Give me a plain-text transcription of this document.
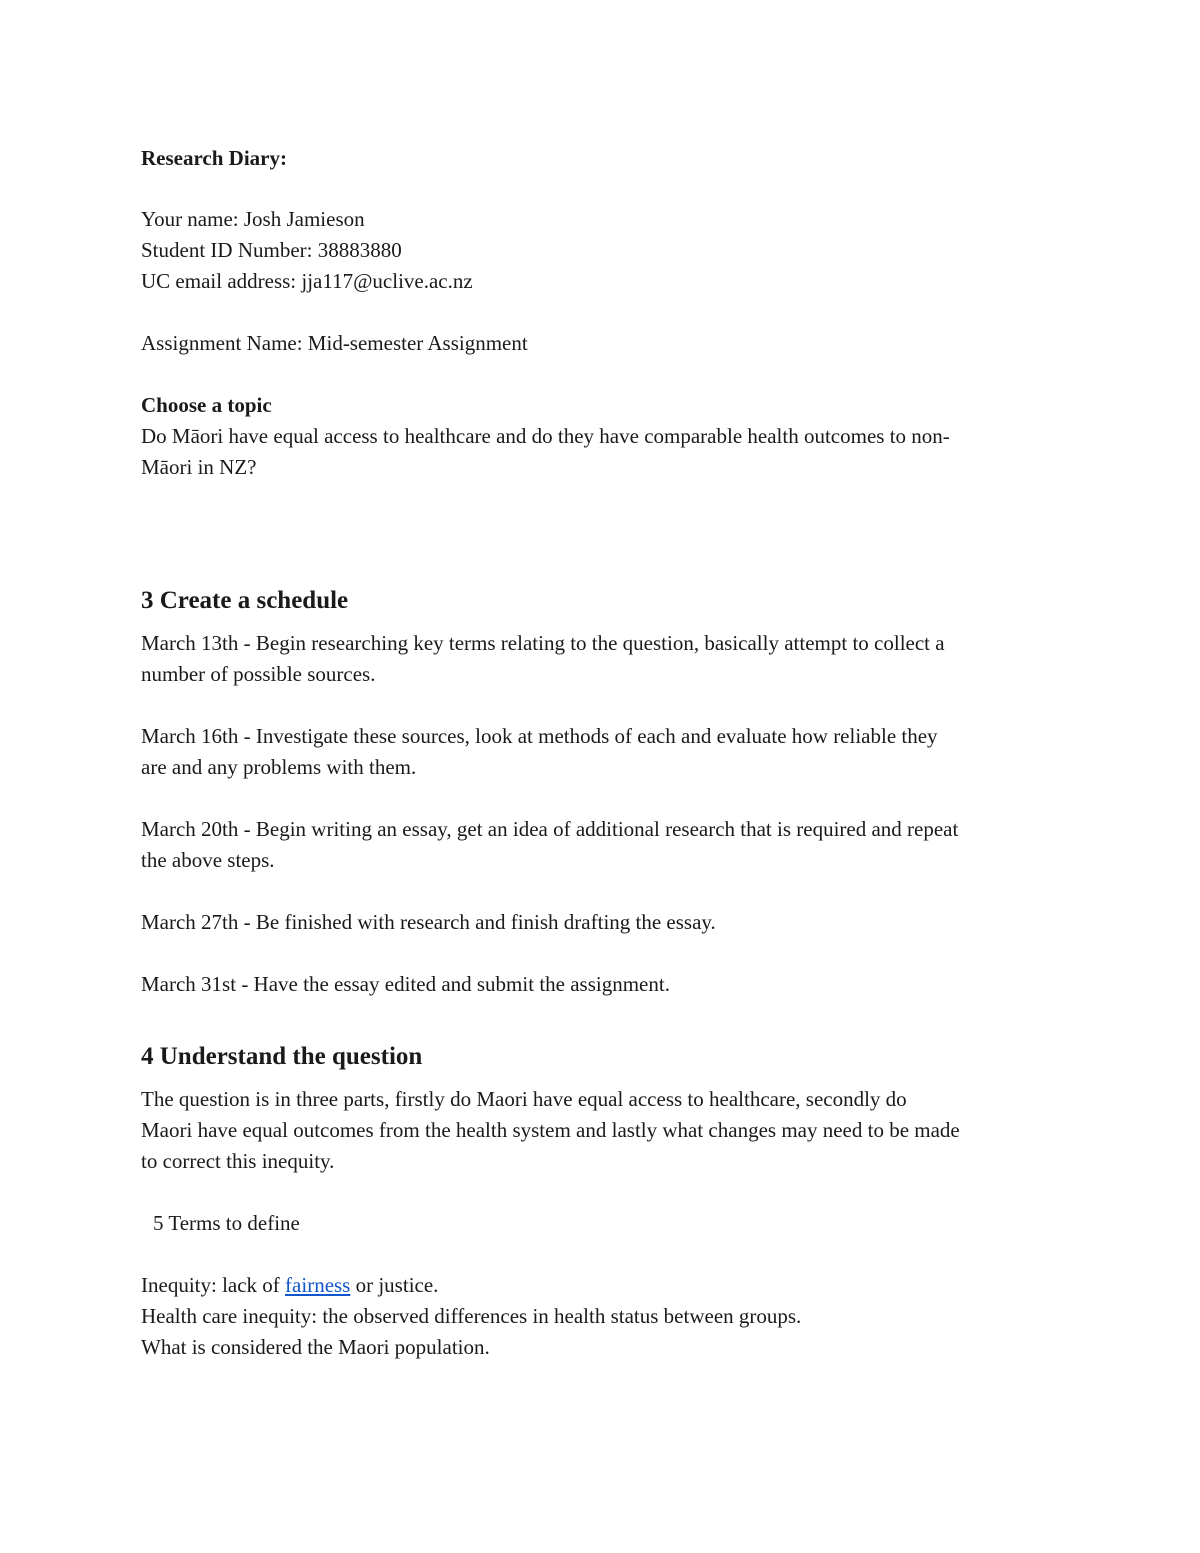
Research Diary:
Your name: Josh Jamieson
Student ID Number: 38883880
UC email address: jja117@uclive.ac.nz
Assignment Name: Mid-semester Assignment
Choose a topic
Do Māori have equal access to healthcare and do they have comparable health outcomes to non-
Māori in NZ?
3 Create a schedule
March 13th - Begin researching key terms relating to the question, basically attempt to collect a
number of possible sources.
March 16th - Investigate these sources, look at methods of each and evaluate how reliable they
are and any problems with them.
March 20th - Begin writing an essay, get an idea of additional research that is required and repeat
the above steps.
March 27th - Be finished with research and finish drafting the essay.
March 31st - Have the essay edited and submit the assignment.
4 Understand the question
The question is in three parts, firstly do Maori have equal access to healthcare, secondly do
Maori have equal outcomes from the health system and lastly what changes may need to be made
to correct this inequity.
5 Terms to define
Inequity: lack of fairness or justice.
Health care inequity: the observed differences in health status between groups.
What is considered the Maori population.
